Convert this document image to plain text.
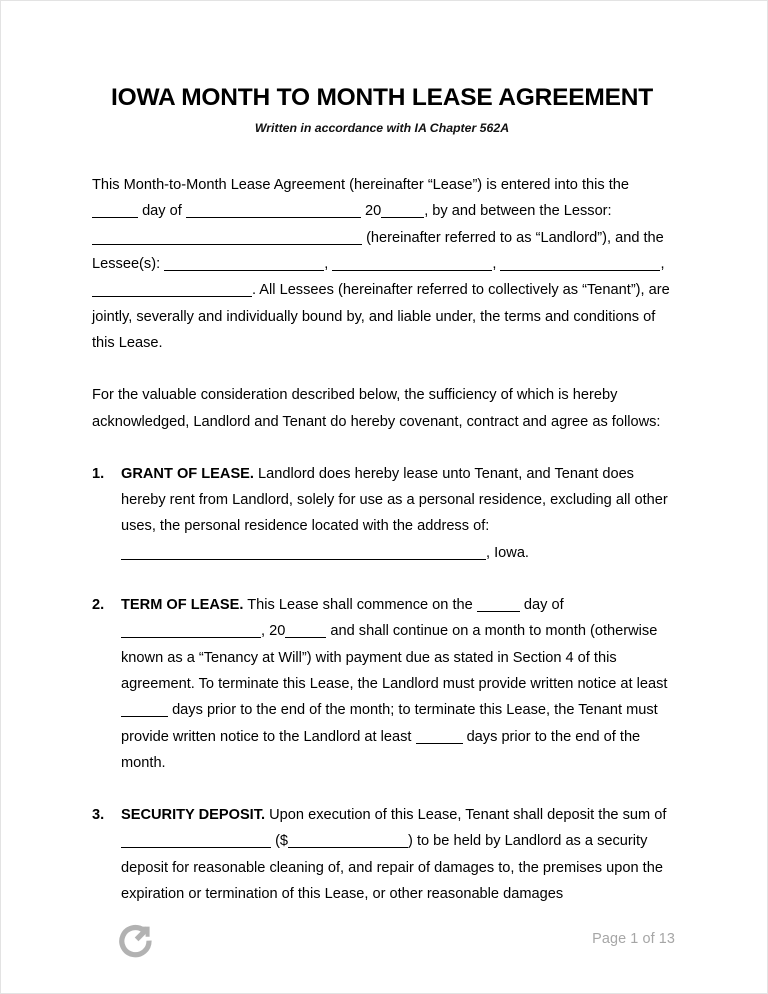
IOWA MONTH TO MONTH LEASE AGREEMENT
Written in accordance with IA Chapter 562A

This Month-to-Month Lease Agreement (hereinafter “Lease”) is entered into this the  day of	20	, by and between the Lessor:  (hereinafter referred to as “Landlord”), and the Lessee(s):	,	,	, . All Lessees (hereinafter referred to collectively as “Tenant”), are jointly, severally and individually bound by, and liable under, the terms and conditions of this Lease.

For the valuable consideration described below, the sufficiency of which is hereby acknowledged, Landlord and Tenant do hereby covenant, contract and agree as follows:

1.	GRANT OF LEASE. Landlord does hereby lease unto Tenant, and Tenant does hereby rent from Landlord, solely for use as a personal residence, excluding all other uses, the personal residence located with the address of:
, Iowa.
2.	TERM OF LEASE. This Lease shall commence on the	day of , 20	and shall continue on a month to month (otherwise known as a “Tenancy at Will”) with payment due as stated in Section 4 of this agreement. To terminate this Lease, the Landlord must provide written notice at least  days prior to the end of the month; to terminate this Lease, the Tenant must provide written notice to the Landlord at least	days prior to the end of the month.
3.	SECURITY DEPOSIT. Upon execution of this Lease, Tenant shall deposit the sum of  ($	) to be held by Landlord as a security deposit for reasonable cleaning of, and repair of damages to, the premises upon the expiration or termination of this Lease, or other reasonable damages
Page 1 of 13
